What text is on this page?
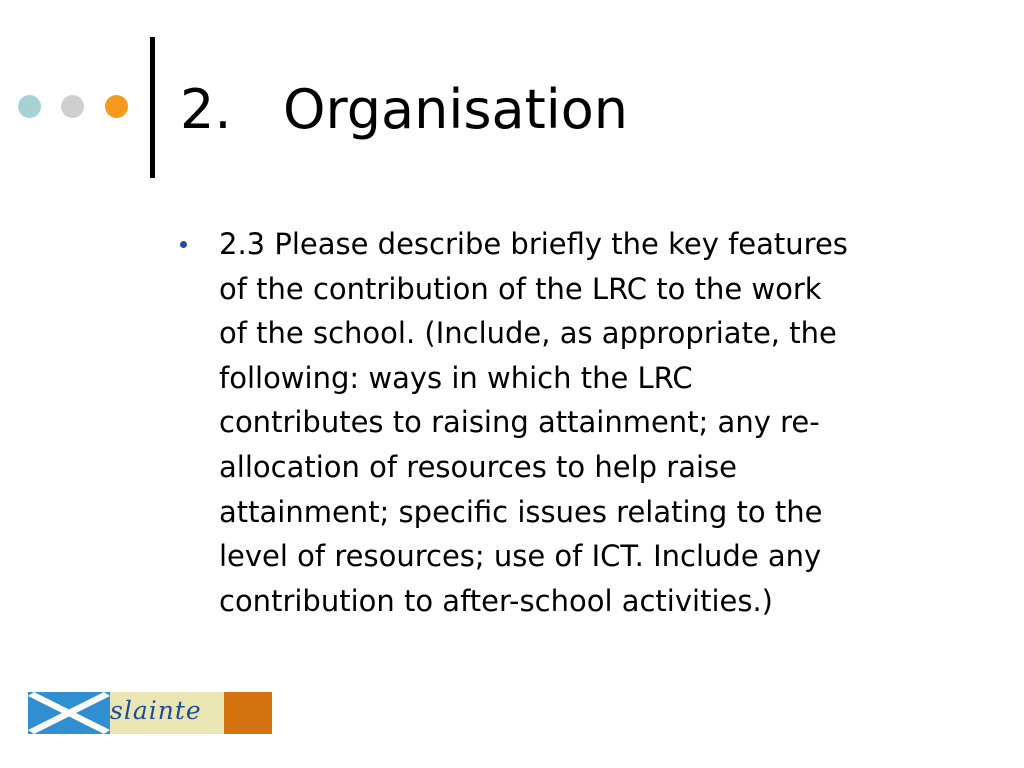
2. Organisation
2.3 Please describe briefly the key features
of the contribution of the LRC to the work
of the school. (Include, as appropriate, the
following: ways in which the LRC
contributes to raising attainment; any re-
allocation of resources to help raise
attainment; specific issues relating to the
level of resources; use of ICT. Include any
contribution to after-school activities.)
slainte
